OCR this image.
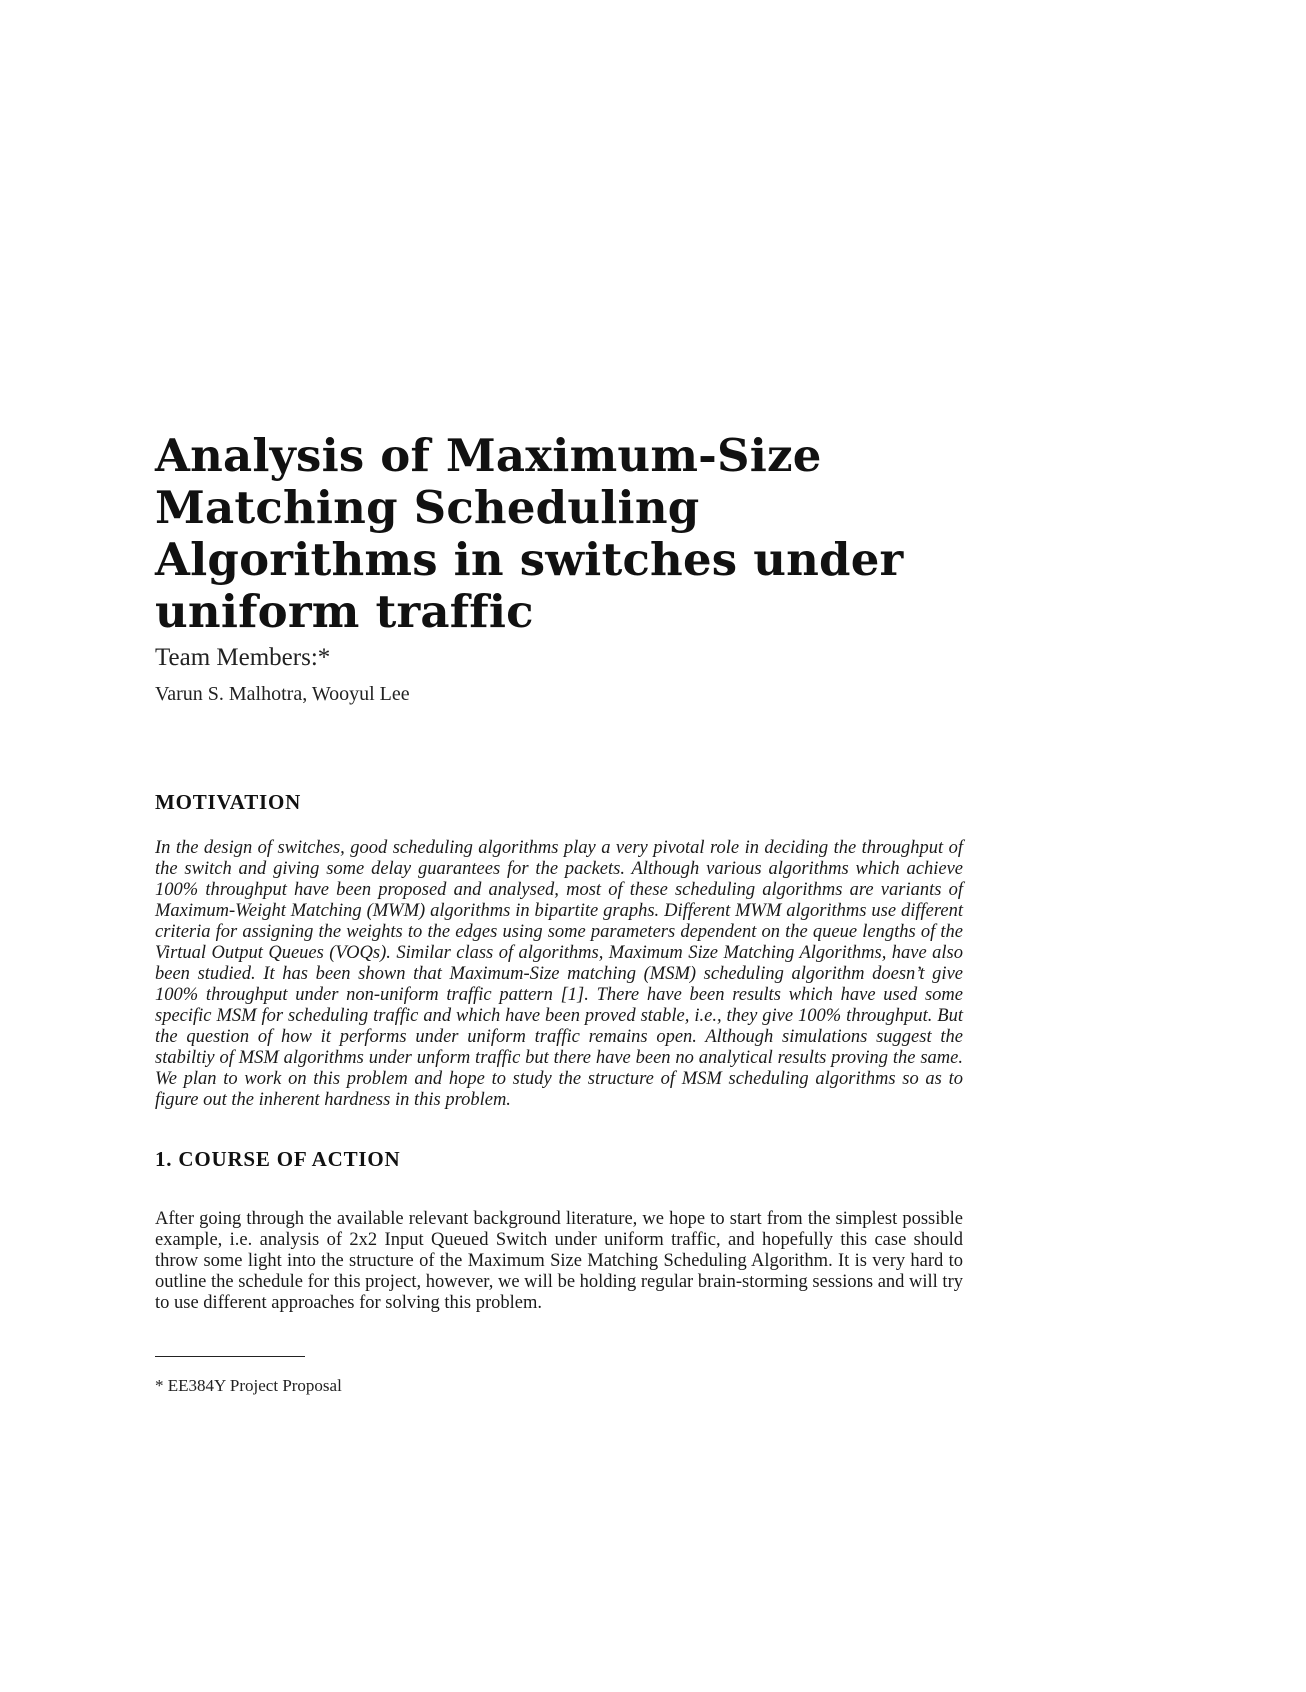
Analysis of Maximum-Size Matching Scheduling Algorithms in switches under uniform traffic
Team Members:*
Varun S. Malhotra, Wooyul Lee
MOTIVATION

In the design of switches, good scheduling algorithms play a very pivotal role in deciding the throughput of the switch and giving some delay guarantees for the packets. Although various algorithms which achieve 100% throughput have been proposed and analysed, most of these scheduling algorithms are variants of Maximum-Weight Matching (MWM) algorithms in bipartite graphs. Different MWM algorithms use different criteria for assigning the weights to the edges using some parameters dependent on the queue lengths of the Virtual Output Queues (VOQs). Similar class of algorithms, Maximum Size Matching Algorithms, have also been studied. It has been shown that Maximum-Size matching (MSM) scheduling algorithm doesn’t give 100% throughput under non-uniform traffic pattern [1]. There have been results which have used some specific MSM for scheduling traffic and which have been proved stable, i.e., they give 100% throughput. But the question of how it performs under uniform traffic remains open. Although simulations suggest the stabiltiy of MSM algorithms under unform traffic but there have been no analytical results proving the same. We plan to work on this problem and hope to study the structure of MSM scheduling algorithms so as to figure out the inherent hardness in this problem.

1. COURSE OF ACTION

After going through the available relevant background literature, we hope to start from the simplest possible example, i.e. analysis of 2x2 Input Queued Switch under uniform traffic, and hopefully this case should throw some light into the structure of the Maximum Size Matching Scheduling Algorithm. It is very hard to outline the schedule for this project, however, we will be holding regular brain-storming sessions and will try to use different approaches for solving this problem.

* EE384Y Project Proposal
